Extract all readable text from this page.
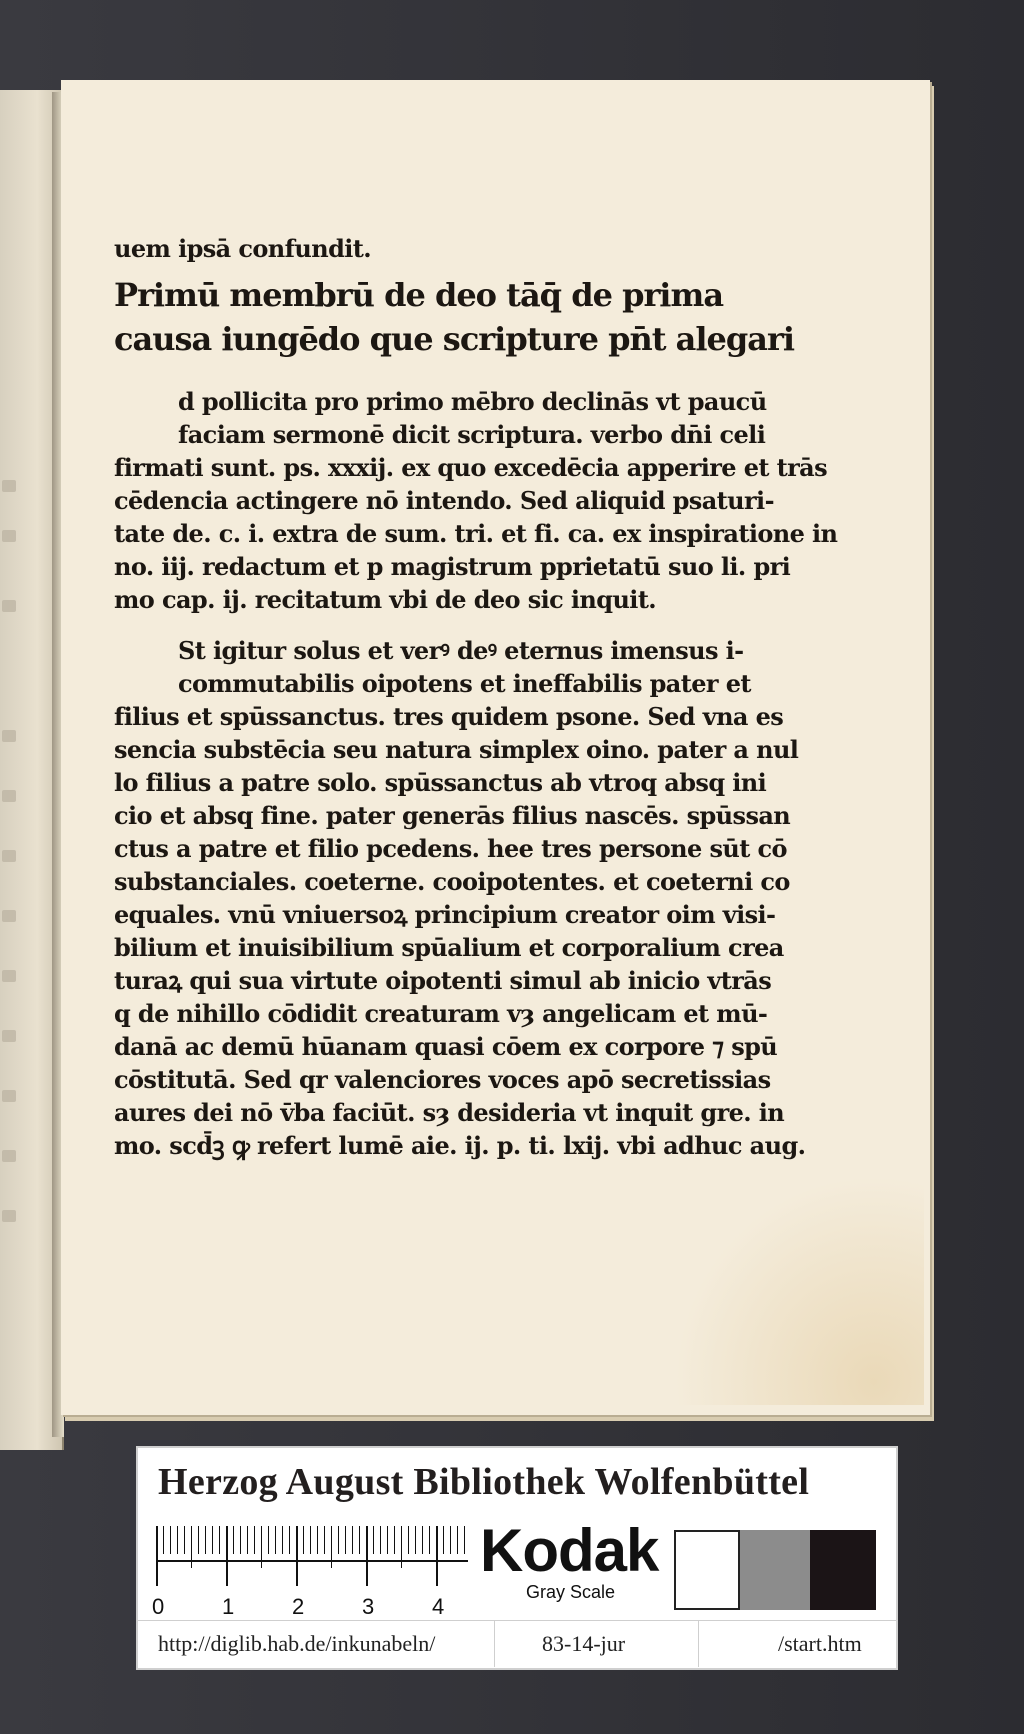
uem ipsā confundit.
Primū membrū de deo tāq̄ de prima
causa iungēdo que scripture pn̄t alegari
d pollicita pro primo mēbro declinās vt paucū
faciam sermonē dicit scriptura. verbo dn̄i celi
firmati sunt. ps. xxxij. ex quo excedēcia apperire et trās
cēdencia actingere nō intendo. Sed aliquid psaturi-
tate de. c. i. extra de sum. tri. et fi. ca. ex inspiratione in
no. iij. redactum et p magistrum pprietatū suo li. pri
mo cap. ij. recitatum vbi de deo sic inquit.
St igitur solus et verꝰ deꝰ eternus imensus i-
commutabilis oipotens et ineffabilis pater et
filius et spūssanctus. tres quidem psone. Sed vna es
sencia substēcia seu natura simplex oino. pater a nul
lo filius a patre solo. spūssanctus ab vtroq̧ absq̧ ini
cio et absq̧ fine. pater generās filius nascēs. spūssan
ctus a patre et filio pcedens. hee tres persone sūt cō
substanciales. coeterne. cooipotentes. et coeterni co
equales. vnū vniuersoꝝ principium creator oim visi-
bilium et inuisibilium spūalium et corporalium crea
turaꝝ qui sua virtute oipotenti simul ab inicio vtrās
q̧ de nihillo cōdidit creaturam vȝ angelicam et mū-
danā ac demū hūanam quasi cōem ex corpore ⁊ spū
cōstitutā. Sed qr valenciores voces apō secretissias
aures dei nō v̄ba faciūt. sȝ desideria vt inquit gre. in
mo. scd̄ꝫ ꝙ refert lumē aie. ij. p. ti. lxij. vbi adhuc aug.
Herzog August Bibliothek Wolfenbüttel
0	1	2	3	4
Kodak
Gray Scale
http://diglib.hab.de/inkunabeln/	83-14-jur	/start.htm
